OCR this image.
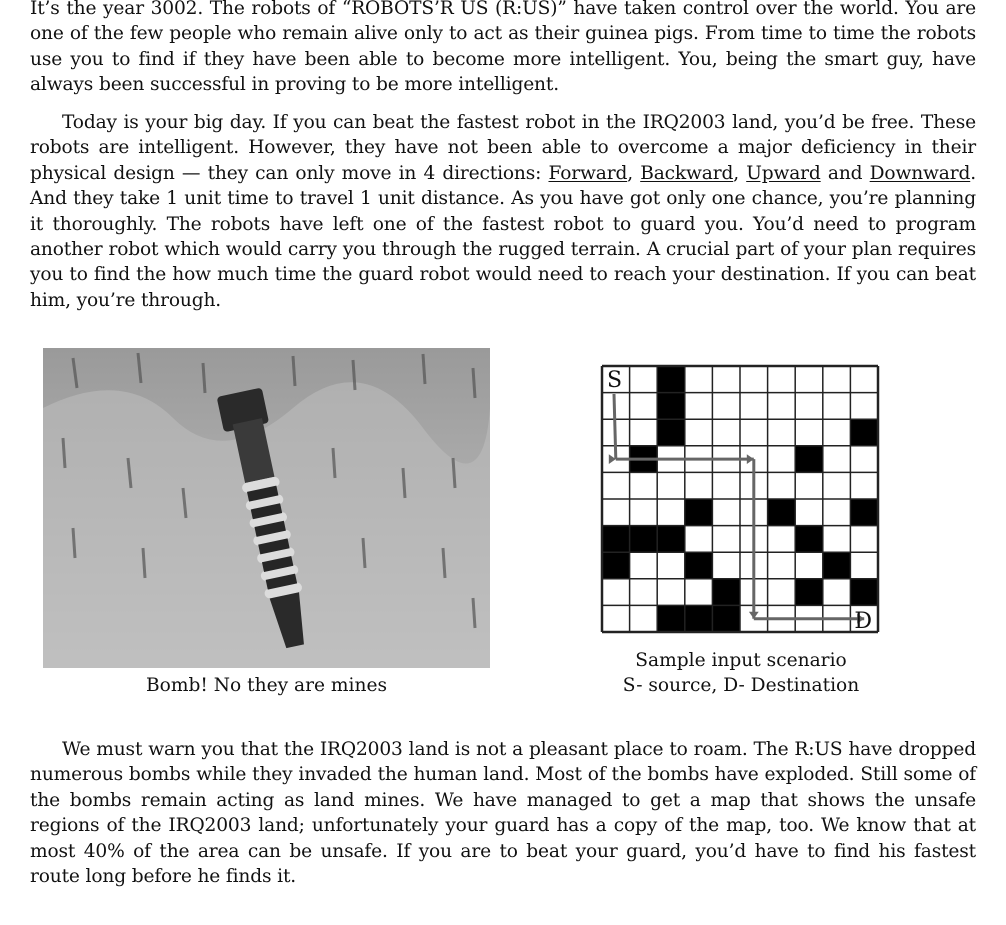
It’s the year 3002. The robots of “ROBOTS’R US (R:US)” have taken control over the world. You are one of the few people who remain alive only to act as their guinea pigs. From time to time the robots use you to find if they have been able to become more intelligent. You, being the smart guy, have always been successful in proving to be more intelligent.

Today is your big day. If you can beat the fastest robot in the IRQ2003 land, you’d be free. These robots are intelligent. However, they have not been able to overcome a major deficiency in their physical design — they can only move in 4 directions: Forward, Backward, Upward and Downward. And they take 1 unit time to travel 1 unit distance. As you have got only one chance, you’re planning it thoroughly. The robots have left one of the fastest robot to guard you. You’d need to program another robot which would carry you through the rugged terrain. A crucial part of your plan requires you to find the how much time the guard robot would need to reach your destination. If you can beat him, you’re through.

We must warn you that the IRQ2003 land is not a pleasant place to roam. The R:US have dropped numerous bombs while they invaded the human land. Most of the bombs have exploded. Still some of the bombs remain acting as land mines. We have managed to get a map that shows the unsafe regions of the IRQ2003 land; unfortunately your guard has a copy of the map, too. We know that at most 40% of the area can be unsafe. If you are to beat your guard, you’d have to find his fastest route long before he finds it.

Bomb! No they are mines
S
D
Sample input scenario
S- source, D- Destination
